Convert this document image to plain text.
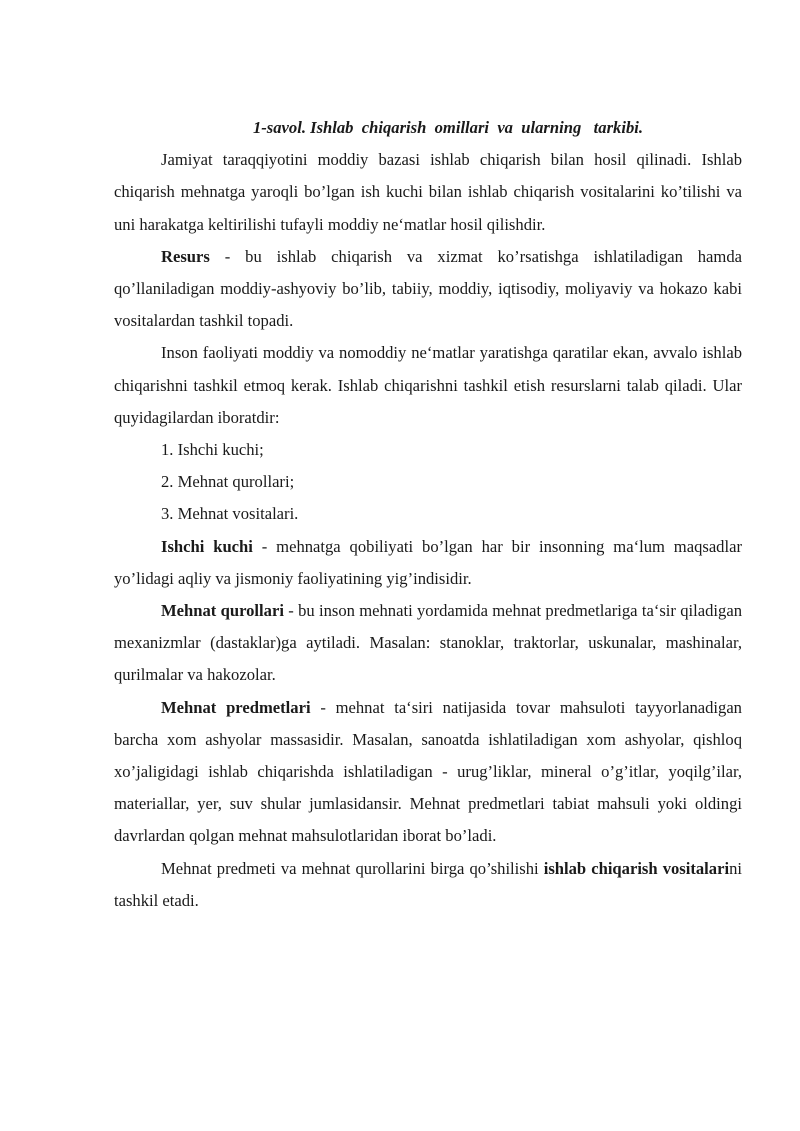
1-savol. Ishlab  chiqarish  omillari  va  ularning   tarkibi.

Jamiyat taraqqiyotini moddiy bazasi ishlab chiqarish bilan hosil qilinadi. Ishlab chiqarish mehnatga yaroqli bo’lgan ish kuchi bilan ishlab chiqarish vositalarini ko’tilishi va uni harakatga keltirilishi tufayli moddiy ne‘matlar hosil qilishdir.

Resurs - bu ishlab chiqarish va xizmat ko’rsatishga ishlatiladigan hamda qo’llaniladigan moddiy-ashyoviy bo’lib, tabiiy, moddiy, iqtisodiy, moliyaviy va hokazo kabi vositalardan tashkil topadi.

Inson faoliyati moddiy va nomoddiy ne‘matlar yaratishga qaratilar ekan, avvalo ishlab chiqarishni tashkil etmoq kerak. Ishlab chiqarishni tashkil etish resurslarni talab qiladi. Ular quyidagilardan iboratdir:

1. Ishchi kuchi;

2. Mehnat qurollari;

3. Mehnat vositalari.

Ishchi kuchi - mehnatga qobiliyati bo’lgan har bir insonning ma‘lum maqsadlar yo’lidagi aqliy va jismoniy faoliyatining yig’indisidir.

Mehnat qurollari - bu inson mehnati yordamida mehnat predmetlariga ta‘sir qiladigan mexanizmlar (dastaklar)ga aytiladi. Masalan: stanoklar, traktorlar, uskunalar, mashinalar, qurilmalar va hakozolar.

Mehnat predmetlari - mehnat ta‘siri natijasida tovar mahsuloti tayyorlanadigan barcha xom ashyolar massasidir. Masalan, sanoatda ishlatiladigan xom ashyolar, qishloq xo’jaligidagi ishlab chiqarishda ishlatiladigan - urug’liklar, mineral o’g’itlar, yoqilg’ilar, materiallar, yer, suv shular jumlasidansir. Mehnat predmetlari tabiat mahsuli yoki oldingi davrlardan qolgan mehnat mahsulotlaridan iborat bo’ladi.

Mehnat predmeti va mehnat qurollarini birga qo’shilishi ishlab chiqarish vositalarini tashkil etadi.
